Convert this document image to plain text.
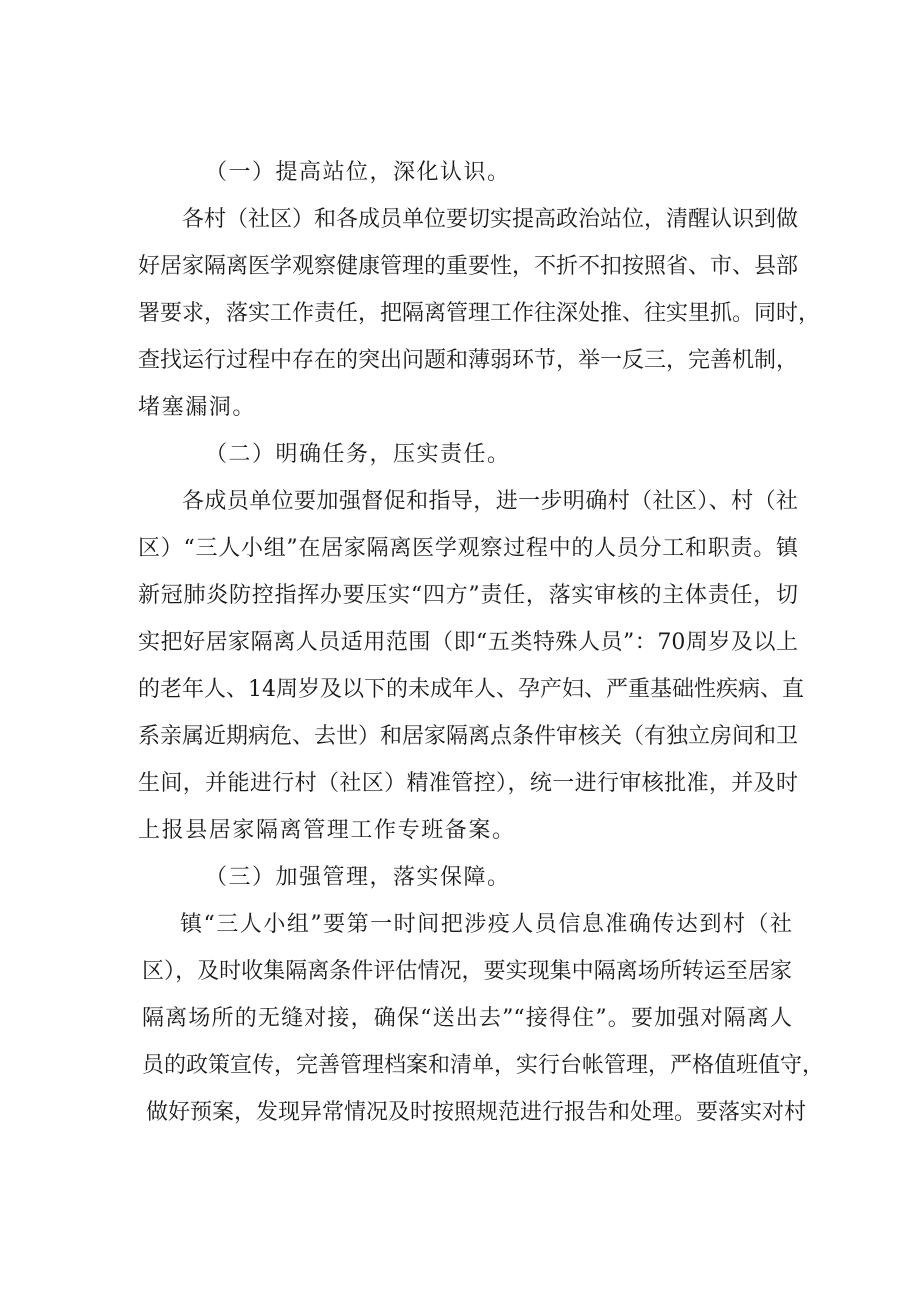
（一）提高站位，深化认识。
各村（社区）和各成员单位要切实提高政治站位，清醒认识到做
好居家隔离医学观察健康管理的重要性，不折不扣按照省、市、县部
署要求，落实工作责任，把隔离管理工作往深处推、往实里抓。同时，
查找运行过程中存在的突出问题和薄弱环节，举一反三，完善机制，
堵塞漏洞。
（二）明确任务，压实责任。
各成员单位要加强督促和指导，进一步明确村（社区）、村（社
区）“三人小组”在居家隔离医学观察过程中的人员分工和职责。镇
新冠肺炎防控指挥办要压实“四方”责任，落实审核的主体责任，切
实把好居家隔离人员适用范围（即“五类特殊人员”：70周岁及以上
的老年人、14周岁及以下的未成年人、孕产妇、严重基础性疾病、直
系亲属近期病危、去世）和居家隔离点条件审核关（有独立房间和卫
生间，并能进行村（社区）精准管控），统一进行审核批准，并及时
上报县居家隔离管理工作专班备案。
（三）加强管理，落实保障。
镇“三人小组”要第一时间把涉疫人员信息准确传达到村（社
区），及时收集隔离条件评估情况，要实现集中隔离场所转运至居家
隔离场所的无缝对接，确保“送出去”“接得住”。要加强对隔离人
员的政策宣传，完善管理档案和清单，实行台帐管理，严格值班值守，
做好预案，发现异常情况及时按照规范进行报告和处理。要落实对村
